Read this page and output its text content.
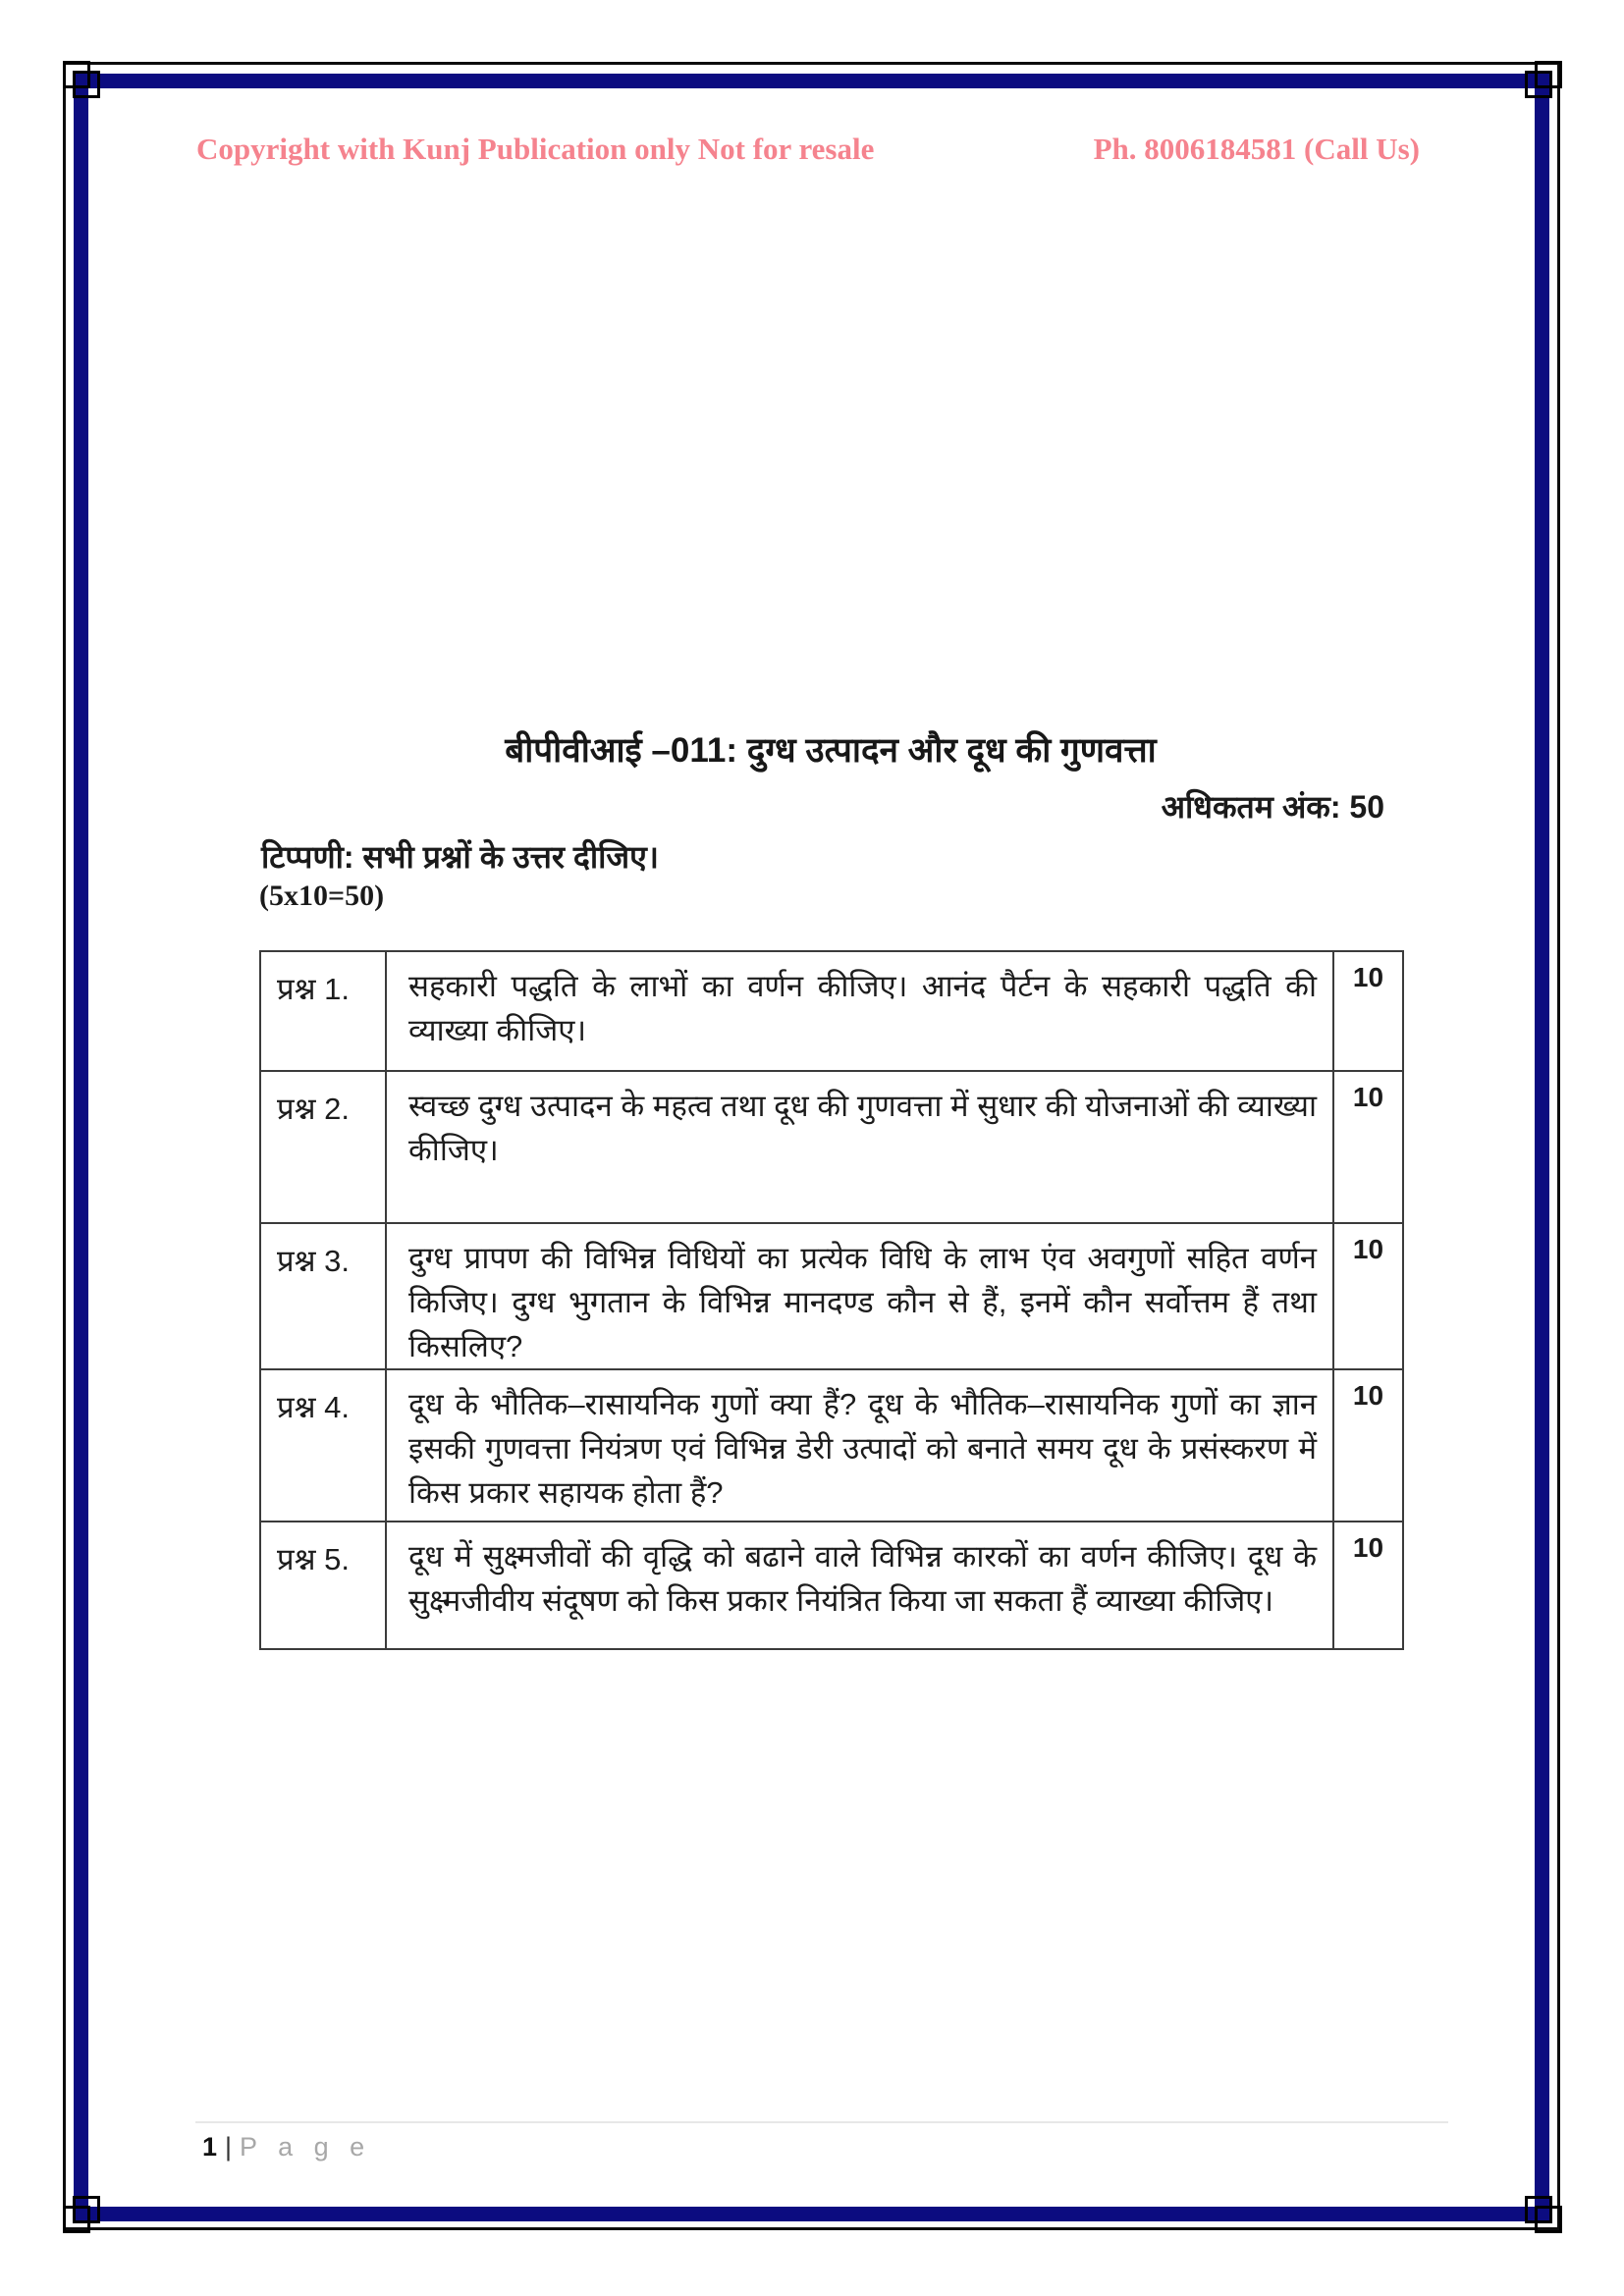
Copyright with Kunj Publication only Not for resale	Ph. 8006184581 (Call Us)
बीपीवीआई –011: दुग्ध उत्पादन और दूध की गुणवत्ता
अधिकतम अंक: 50
टिप्पणी: सभी प्रश्नों के उत्तर दीजिए।
(5x10=50)
प्रश्न 1.	सहकारी पद्धति के लाभों का वर्णन कीजिए। आनंद पैर्टन के सहकारी पद्धति की व्याख्या कीजिए।	10
प्रश्न 2.	स्वच्छ दुग्ध उत्पादन के महत्व तथा दूध की गुणवत्ता में सुधार की योजनाओं की व्याख्या कीजिए।	10
प्रश्न 3.	दुग्ध प्रापण की विभिन्न विधियों का प्रत्येक विधि के लाभ एंव अवगुणों सहित वर्णन किजिए। दुग्ध भुगतान के विभिन्न मानदण्ड कौन से हैं, इनमें कौन सर्वोत्तम हैं तथा किसलिए?	10
प्रश्न 4.	दूध के भौतिक–रासायनिक गुणों क्या हैं? दूध के भौतिक–रासायनिक गुणों का ज्ञान इसकी गुणवत्ता नियंत्रण एवं विभिन्न डेरी उत्पादों को बनाते समय दूध के प्रसंस्करण में किस प्रकार सहायक होता हैं?	10
प्रश्न 5.	दूध में सुक्ष्मजीवों की वृद्धि को बढाने वाले विभिन्न कारकों का वर्णन कीजिए। दूध के सुक्ष्मजीवीय संदूषण को किस प्रकार नियंत्रित किया जा सकता हैं व्याख्या कीजिए।	10
1 | P a g e
